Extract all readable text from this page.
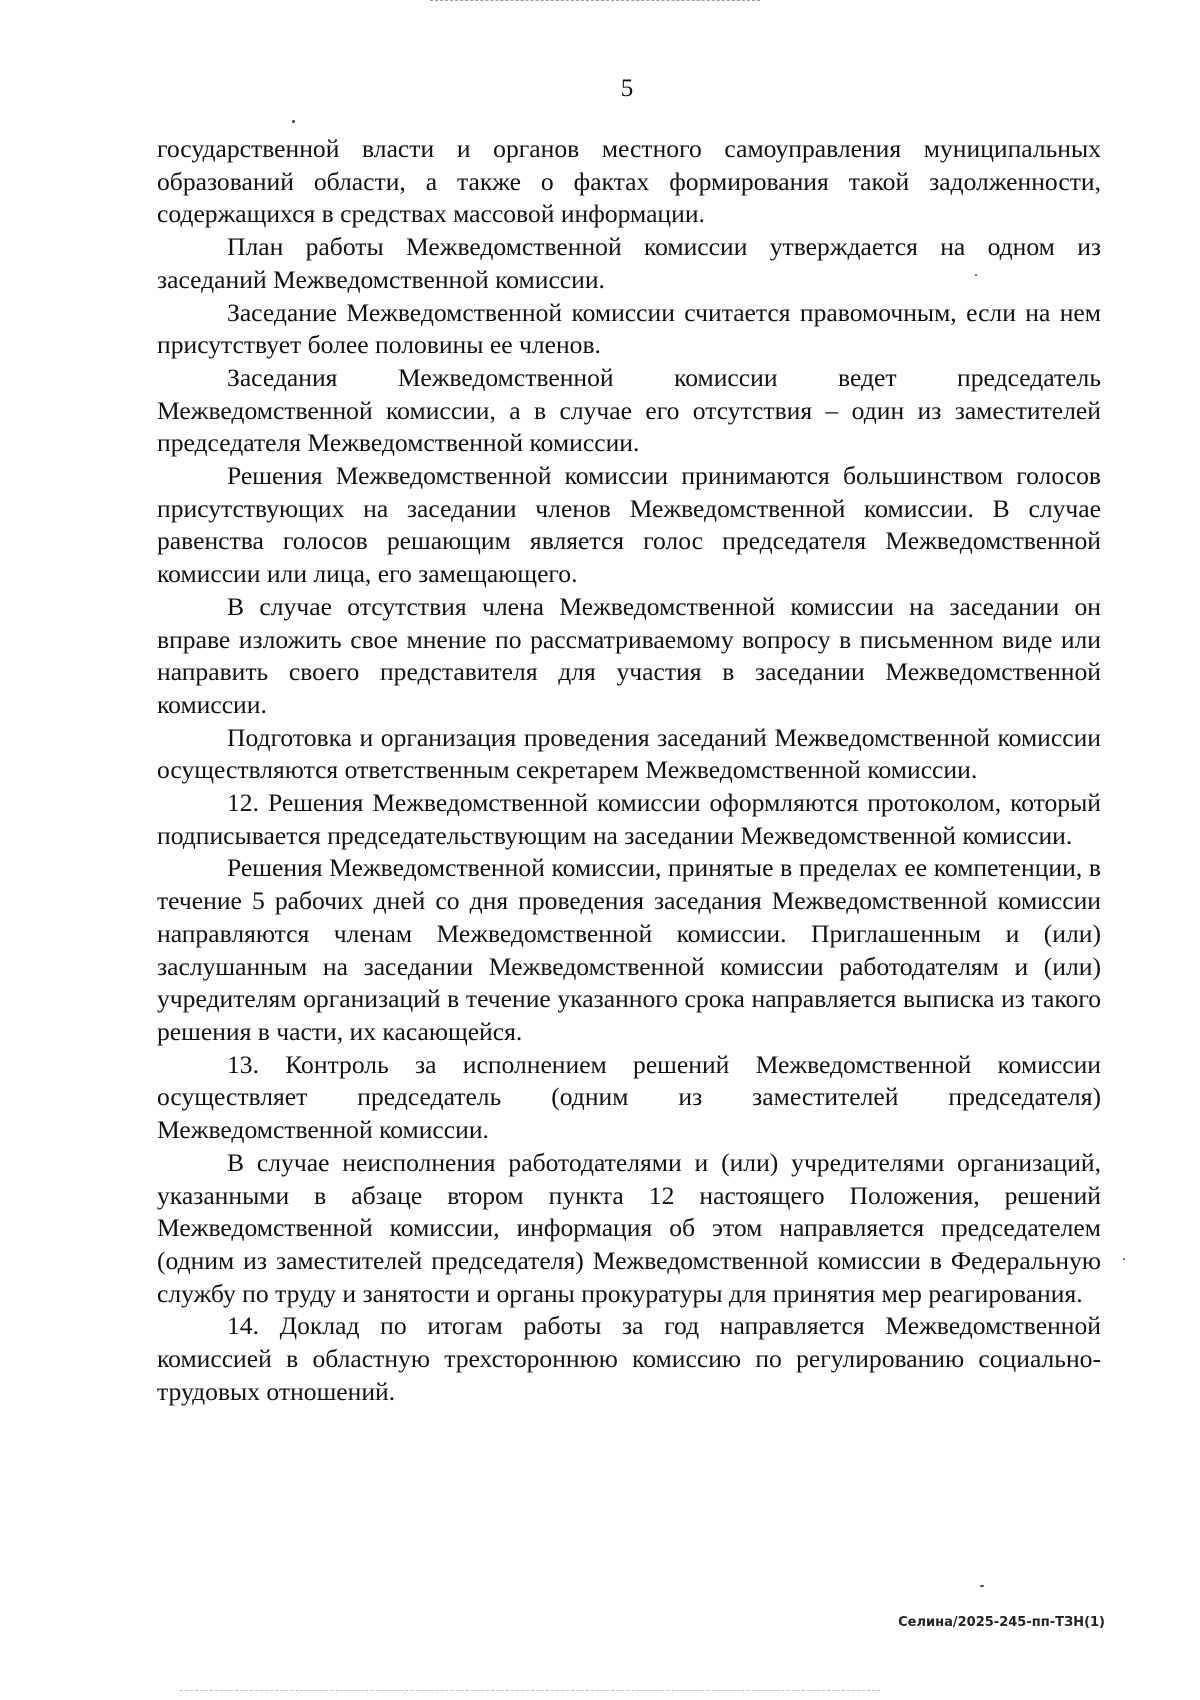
5

государственной власти и органов местного самоуправления муниципальных образований области, а также о фактах формирования такой задолженности, содержащихся в средствах массовой информации.

План работы Межведомственной комиссии утверждается на одном из заседаний Межведомственной комиссии.

Заседание Межведомственной комиссии считается правомочным, если на нем присутствует более половины ее членов.

Заседания Межведомственной комиссии ведет председатель Межведомственной комиссии, а в случае его отсутствия – один из заместителей председателя Межведомственной комиссии.

Решения Межведомственной комиссии принимаются большинством голосов присутствующих на заседании членов Межведомственной комиссии. В случае равенства голосов решающим является голос председателя Межведомственной комиссии или лица, его замещающего.

В случае отсутствия члена Межведомственной комиссии на заседании он вправе изложить свое мнение по рассматриваемому вопросу в письменном виде или направить своего представителя для участия в заседании Межведомственной комиссии.

Подготовка и организация проведения заседаний Межведомственной комиссии осуществляются ответственным секретарем Межведомственной комиссии.

12. Решения Межведомственной комиссии оформляются протоколом, который подписывается председательствующим на заседании Межведомственной комиссии.

Решения Межведомственной комиссии, принятые в пределах ее компетенции, в течение 5 рабочих дней со дня проведения заседания Межведомственной комиссии направляются членам Межведомственной комиссии. Приглашенным и (или) заслушанным на заседании Межведомственной комиссии работодателям и (или) учредителям организаций в течение указанного срока направляется выписка из такого решения в части, их касающейся.

13. Контроль за исполнением решений Межведомственной комиссии осуществляет председатель (одним из заместителей председателя) Межведомственной комиссии.

В случае неисполнения работодателями и (или) учредителями организаций, указанными в абзаце втором пункта 12 настоящего Положения, решений Межведомственной комиссии, информация об этом направляется председателем (одним из заместителей председателя) Межведомственной комиссии в Федеральную службу по труду и занятости и органы прокуратуры для принятия мер реагирования.

14. Доклад по итогам работы за год направляется Межведомственной комиссией в областную трехстороннюю комиссию по регулированию социально-трудовых отношений.

Селина/2025-245-пп-ТЗН(1)
